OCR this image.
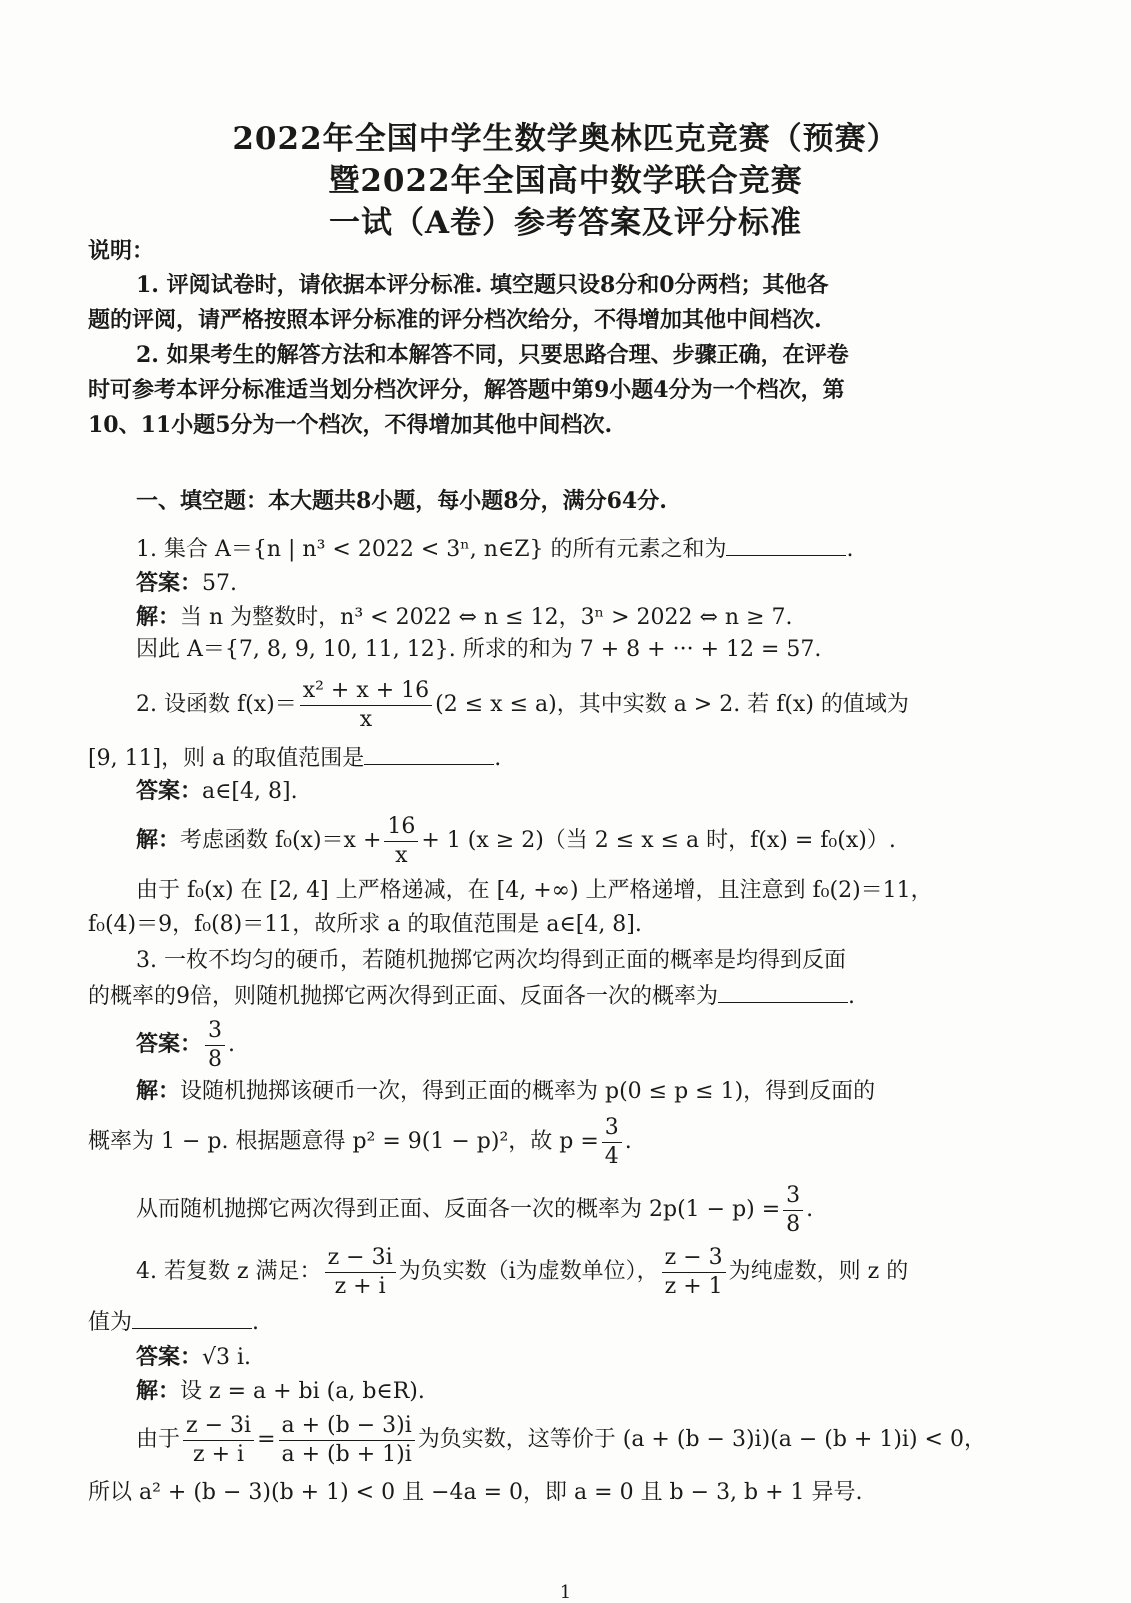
2022年全国中学生数学奥林匹克竞赛（预赛）
暨2022年全国高中数学联合竞赛
一试（A卷）参考答案及评分标准
说明：
1. 评阅试卷时，请依据本评分标准. 填空题只设8分和0分两档；其他各
题的评阅，请严格按照本评分标准的评分档次给分，不得增加其他中间档次.
2. 如果考生的解答方法和本解答不同，只要思路合理、步骤正确，在评卷
时可参考本评分标准适当划分档次评分，解答题中第9小题4分为一个档次，第
10、11小题5分为一个档次，不得增加其他中间档次.
一、填空题：本大题共8小题，每小题8分，满分64分.
1. 集合 A＝{n | n³ < 2022 < 3ⁿ, n∈Z} 的所有元素之和为	.
答案：57.
解：当 n 为整数时，n³ < 2022 ⇔ n ≤ 12，3ⁿ > 2022 ⇔ n ≥ 7.
因此 A＝{7, 8, 9, 10, 11, 12}. 所求的和为 7 + 8 + ··· + 12 = 57.
2. 设函数 $f(x)= \frac{\text{x² + x + 16}}{x} (2 \le x \le a)$，其中实数 a > 2. 若 f(x) 的值域为
[9, 11]，则 a 的取值范围是	.
答案：a∈[4, 8].
解：考虑函数 $f_0(x)=x + \frac{16}{x} + 1$ (x ≥ 2)（当 2 ≤ x ≤ a 时，f(x) = f₀(x)）.
由于 f₀(x) 在 [2, 4] 上严格递减，在 [4, +∞) 上严格递增，且注意到 f₀(2)＝11，
f₀(4)＝9，f₀(8)＝11，故所求 a 的取值范围是 a∈[4, 8].
3. 一枚不均匀的硬币，若随机抛掷它两次均得到正面的概率是均得到反面
的概率的9倍，则随机抛掷它两次得到正面、反面各一次的概率为	.
答案： $\frac{3}{8}$ .
解：设随机抛掷该硬币一次，得到正面的概率为 p(0 ≤ p ≤ 1)，得到反面的
概率为 1 − p. 根据题意得 p² = 9(1 − p)²，故 $p = \frac{3}{4}$ .
从而随机抛掷它两次得到正面、反面各一次的概率为 $2p(1 - p) = \frac{3}{8}$ .
4. 若复数 z 满足： $\frac{z - 3i}{z + i}$ 为负实数（i为虚数单位）， $\frac{z - 3}{z + 1}$ 为纯虚数，则 z 的
值为	.
答案：√3 i.
解：设 z = a + bi (a, b∈R).
由于 $\frac{z - 3i}{z + i} = \frac{a + (b - 3)i}{a + (b + 1)i}$ 为负实数，这等价于 (a + (b − 3)i)(a − (b + 1)i) < 0，
所以 a² + (b − 3)(b + 1) < 0 且 −4a = 0，即 a = 0 且 b − 3, b + 1 异号.
1
